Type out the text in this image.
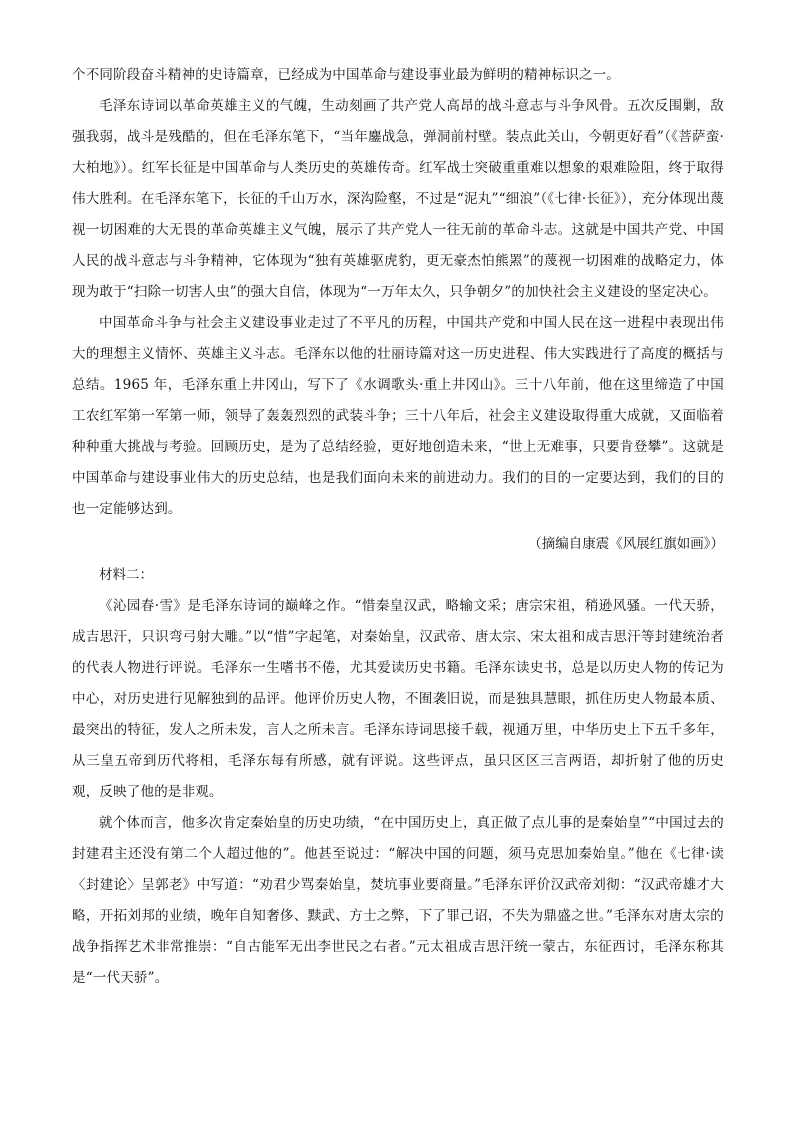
个不同阶段奋斗精神的史诗篇章，已经成为中国革命与建设事业最为鲜明的精神标识之一。

毛泽东诗词以革命英雄主义的气魄，生动刻画了共产党人高昂的战斗意志与斗争风骨。五次反围剿，敌强我弱，战斗是残酷的，但在毛泽东笔下，“当年鏖战急，弹洞前村壁。装点此关山，今朝更好看”（《菩萨蛮·大柏地》）。红军长征是中国革命与人类历史的英雄传奇。红军战士突破重重难以想象的艰难险阻，终于取得伟大胜利。在毛泽东笔下，长征的千山万水，深沟险壑，不过是“泥丸”“细浪”（《七律·长征》），充分体现出蔑视一切困难的大无畏的革命英雄主义气魄，展示了共产党人一往无前的革命斗志。这就是中国共产党、中国人民的战斗意志与斗争精神，它体现为“独有英雄驱虎豹，更无豪杰怕熊罴”的蔑视一切困难的战略定力，体现为敢于“扫除一切害人虫”的强大自信，体现为“一万年太久，只争朝夕”的加快社会主义建设的坚定决心。

中国革命斗争与社会主义建设事业走过了不平凡的历程，中国共产党和中国人民在这一进程中表现出伟大的理想主义情怀、英雄主义斗志。毛泽东以他的壮丽诗篇对这一历史进程、伟大实践进行了高度的概括与总结。1965 年，毛泽东重上井冈山，写下了《水调歌头·重上井冈山》。三十八年前，他在这里缔造了中国工农红军第一军第一师，领导了轰轰烈烈的武装斗争；三十八年后，社会主义建设取得重大成就，又面临着种种重大挑战与考验。回顾历史，是为了总结经验，更好地创造未来，“世上无难事，只要肯登攀”。这就是中国革命与建设事业伟大的历史总结，也是我们面向未来的前进动力。我们的目的一定要达到，我们的目的也一定能够达到。

（摘编自康震《风展红旗如画》）

材料二：

《沁园春·雪》是毛泽东诗词的巅峰之作。“惜秦皇汉武，略输文采；唐宗宋祖，稍逊风骚。一代天骄，成吉思汗，只识弯弓射大雕。”以“惜”字起笔，对秦始皇，汉武帝、唐太宗、宋太祖和成吉思汗等封建统治者的代表人物进行评说。毛泽东一生嗜书不倦，尤其爱读历史书籍。毛泽东读史书，总是以历史人物的传记为中心，对历史进行见解独到的品评。他评价历史人物，不囿袭旧说，而是独具慧眼，抓住历史人物最本质、最突出的特征，发人之所未发，言人之所未言。毛泽东诗词思接千载，视通万里，中华历史上下五千多年，从三皇五帝到历代将相，毛泽东每有所感，就有评说。这些评点，虽只区区三言两语，却折射了他的历史观，反映了他的是非观。

就个体而言，他多次肯定秦始皇的历史功绩，“在中国历史上，真正做了点儿事的是秦始皇”“中国过去的封建君主还没有第二个人超过他的”。他甚至说过：“解决中国的问题，须马克思加秦始皇。”他在《七律·读〈封建论〉呈郭老》中写道：“劝君少骂秦始皇，焚坑事业要商量。”毛泽东评价汉武帝刘彻：“汉武帝雄才大略，开拓刘邦的业绩，晚年自知奢侈、黩武、方士之弊，下了罪己诏，不失为鼎盛之世。”毛泽东对唐太宗的战争指挥艺术非常推崇：“自古能军无出李世民之右者。”元太祖成吉思汗统一蒙古，东征西讨，毛泽东称其是“一代天骄”。
